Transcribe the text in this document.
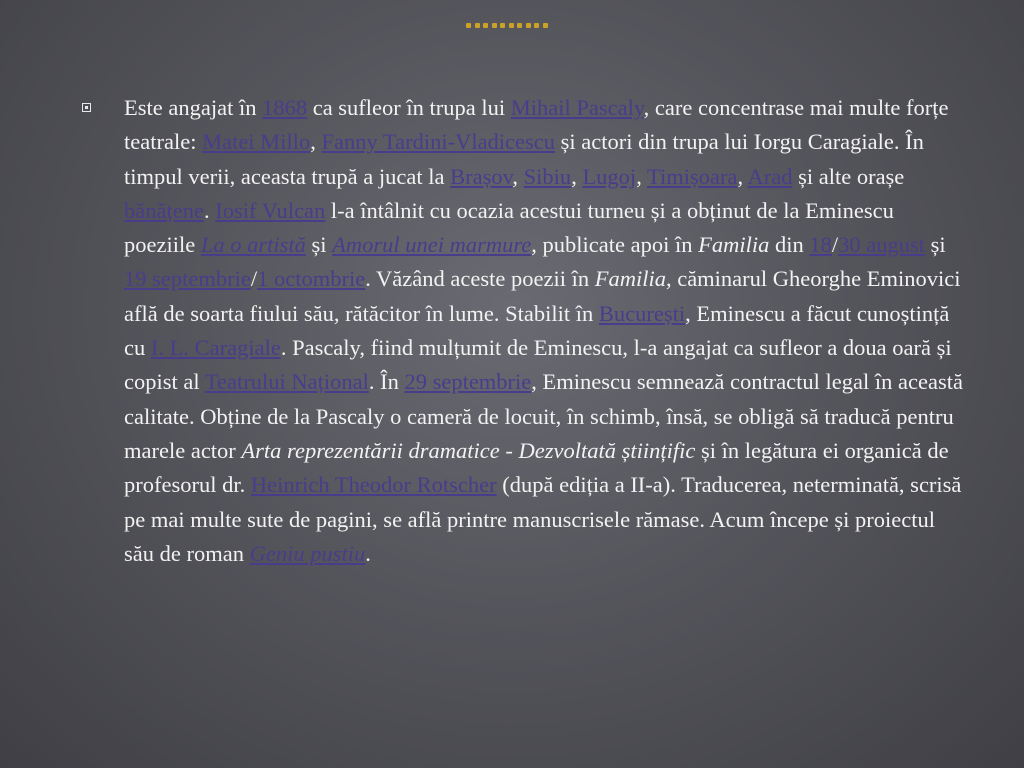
Este angajat în 1868 ca sufleor în trupa lui Mihail Pascaly, care concentrase mai multe forțe teatrale: Matei Millo, Fanny Tardini-Vladicescu și actori din trupa lui Iorgu Caragiale. În timpul verii, aceasta trupă a jucat la Brașov, Sibiu, Lugoj, Timișoara, Arad și alte orașe bănățene. Iosif Vulcan l-a întâlnit cu ocazia acestui turneu și a obținut de la Eminescu poeziile La o artistă și Amorul unei marmure, publicate apoi în Familia din 18/30 august și 19 septembrie/1 octombrie. Văzând aceste poezii în Familia, căminarul Gheorghe Eminovici află de soarta fiului său, rătăcitor în lume. Stabilit în București, Eminescu a făcut cunoștință cu I. L. Caragiale. Pascaly, fiind mulțumit de Eminescu, l-a angajat ca sufleor a doua oară și copist al Teatrului Național. În 29 septembrie, Eminescu semnează contractul legal în această calitate. Obține de la Pascaly o cameră de locuit, în schimb, însă, se obligă să traducă pentru marele actor Arta reprezentării dramatice - Dezvoltată științific și în legătura ei organică de profesorul dr. Heinrich Theodor Rotscher (după ediția a II-a). Traducerea, neterminată, scrisă pe mai multe sute de pagini, se află printre manuscrisele rămase. Acum începe și proiectul său de roman Geniu pustiu.
